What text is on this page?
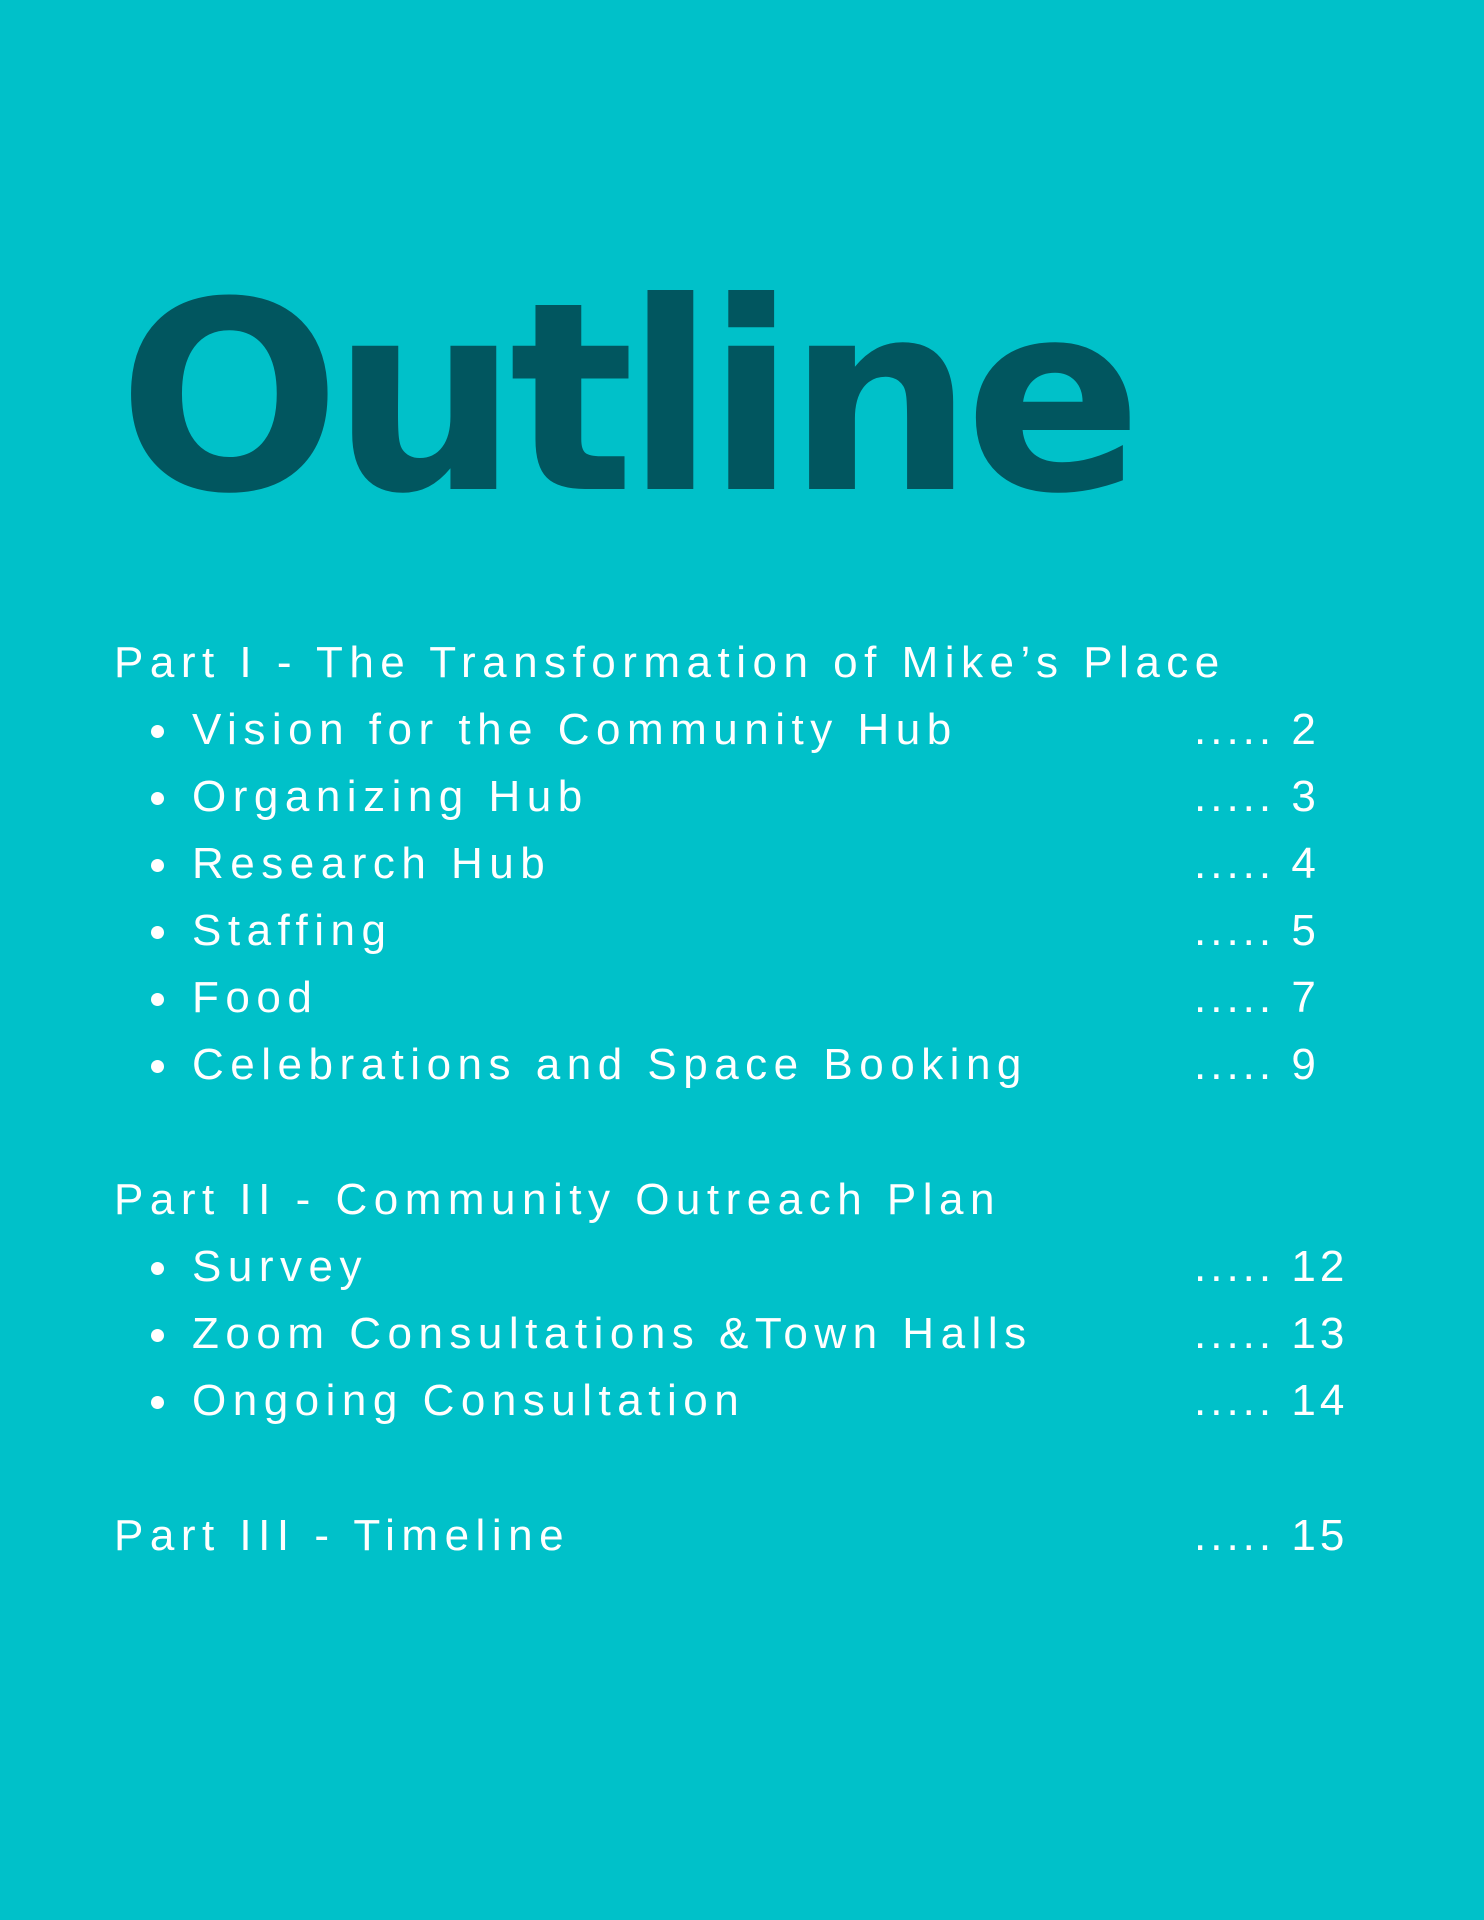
Outline
Part I - The Transformation of Mike’s Place
Vision for the Community Hub	..... 2
Organizing Hub	..... 3
Research Hub	..... 4
Staffing	..... 5
Food	..... 7
Celebrations and Space Booking	..... 9
Part II - Community Outreach Plan
Survey	..... 12
Zoom Consultations &Town Halls	..... 13
Ongoing Consultation	..... 14
Part III - Timeline	..... 15
